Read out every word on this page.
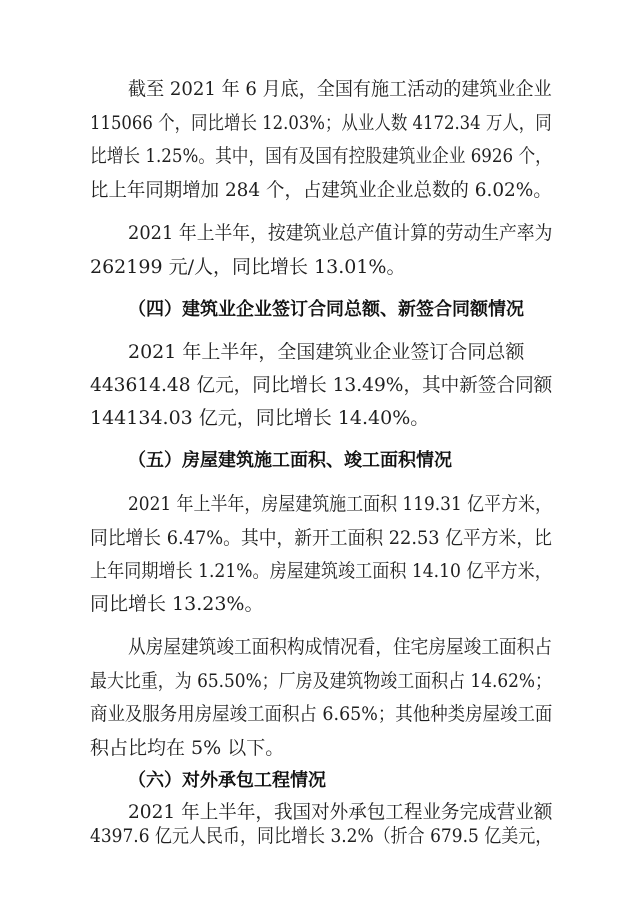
截至 2021 年 6 月底，全国有施工活动的建筑业企业
115066 个，同比增长 12.03%；从业人数 4172.34 万人，同
比增长 1.25%。其中，国有及国有控股建筑业企业 6926 个，
比上年同期增加 284 个，占建筑业企业总数的 6.02%。
2021 年上半年，按建筑业总产值计算的劳动生产率为
262199 元/人，同比增长 13.01%。
（四）建筑业企业签订合同总额、新签合同额情况
2021 年上半年，全国建筑业企业签订合同总额
443614.48 亿元，同比增长 13.49%，其中新签合同额
144134.03 亿元，同比增长 14.40%。
（五）房屋建筑施工面积、竣工面积情况
2021 年上半年，房屋建筑施工面积 119.31 亿平方米，
同比增长 6.47%。其中，新开工面积 22.53 亿平方米，比
上年同期增长 1.21%。房屋建筑竣工面积 14.10 亿平方米，
同比增长 13.23%。
从房屋建筑竣工面积构成情况看，住宅房屋竣工面积占
最大比重，为 65.50%；厂房及建筑物竣工面积占 14.62%；
商业及服务用房屋竣工面积占 6.65%；其他种类房屋竣工面
积占比均在 5% 以下。
（六）对外承包工程情况
2021 年上半年，我国对外承包工程业务完成营业额
4397.6 亿元人民币，同比增长 3.2%（折合 679.5 亿美元，
